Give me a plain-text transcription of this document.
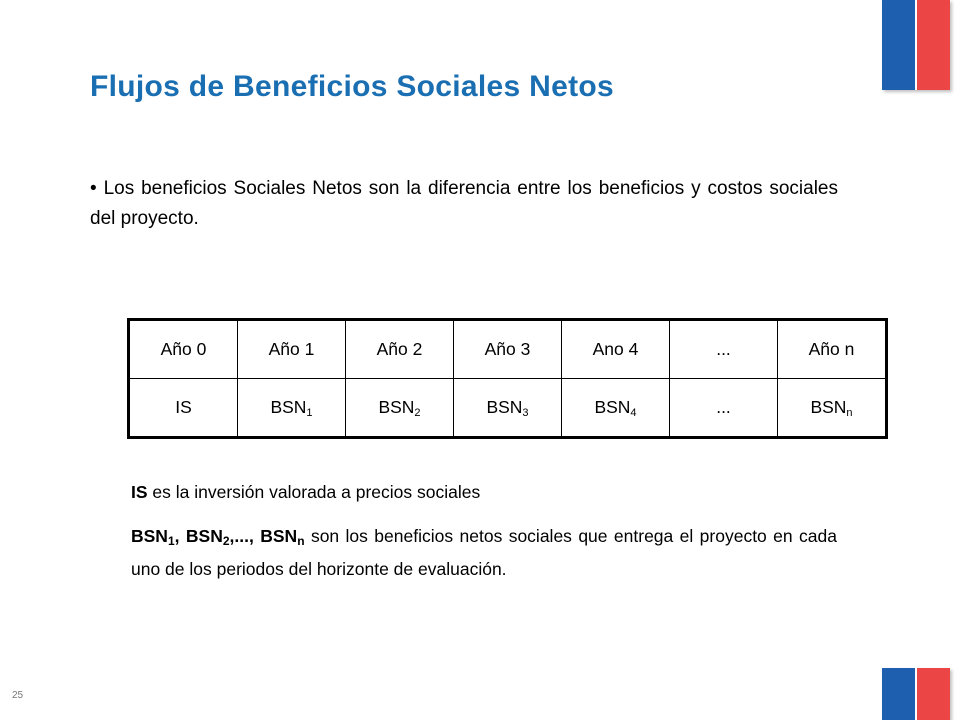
Flujos de Beneficios Sociales Netos
• Los beneficios Sociales Netos son la diferencia entre los beneficios y costos sociales del proyecto.
Año 0	Año 1	Año 2	Año 3	Ano 4	...	Año n
IS	$BSN_1$	$BSN_2$	$BSN_3$	$BSN_4$	...	$BSN_n$
IS es la inversión valorada a precios sociales
$BSN_1$, $BSN_2$,..., $BSN_n$ son los beneficios netos sociales que entrega el proyecto en cada uno de los periodos del horizonte de evaluación.
25
